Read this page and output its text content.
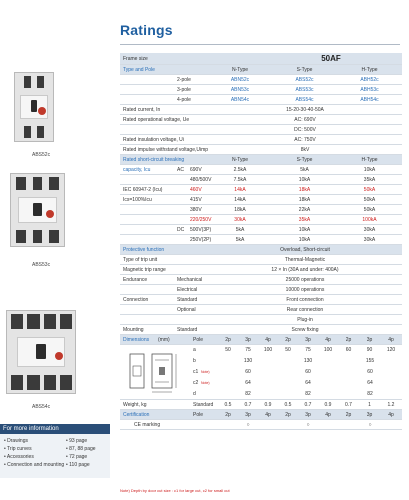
Ratings
ABS52c
ABS53c
ABS54c
For more information
• Drawings	• 93 page
• Trip curves	• 87, 88 page
• Accessories	• 72 page
• Connection and mounting • 110 page
Frame size	50AF
Type and Pole	N-Type	S-Type	H-Type
2-pole	ABN52c	ABS52c	ABH52c
3-pole	ABN53c	ABS53c	ABH53c
4-pole	ABN54c	ABS54c	ABH54c
Rated current, In	15-20-30-40-50A
Rated operational voltage, Ue	AC: 690V
DC: 500V
Rated insulation voltage, Ui	AC: 750V
Rated impulse withstand voltage,Uimp	8kV
Rated short-circuit breaking	N-Type	S-Type	H-Type
capacity, Icu	AC 690V	2.5kA	5kA	10kA
480/500V	7.5kA	10kA	35kA
IEC 60947-2 (Icu)	460V	14kA	18kA	50kA
Ics=100%Icu	415V	14kA	18kA	50kA
380V	18kA	22kA	50kA
220/250V	30kA	35kA	100kA
DC 500V(3P)	5kA	10kA	30kA
250V(2P)	5kA	10kA	30kA
Protective function	Overload, Short-circuit
Type of trip unit	Thermal-Magnetic
Magnetic trip range	12 × In (30A and under: 400A)
Endurance	Mechanical	25000 operations
Electrical	10000 operations
Connection	Standard	Front connection
Optional	Rear connection
Plug-in
Mounting	Standard	Screw fixing
Dimensions (mm)	Pole	2p	3p	4p	2p	3p	4p	2p	3p	4p
a	50	75	100	50	75	100	60	90	120
b	130	130	155
c1 Note)	60	60	60
c2 Note)	64	64	64
d	82	82	82
Weight, kg	Standard	0.5	0.7	0.9	0.5	0.7	0.9	0.7	1	1.2
Certification	Pole	2p	3p	4p	2p	3p	4p	2p	3p	4p
CE marking	○	○	○
Note) Depth by door cut size : c1 for large cut, c2 for small cut
